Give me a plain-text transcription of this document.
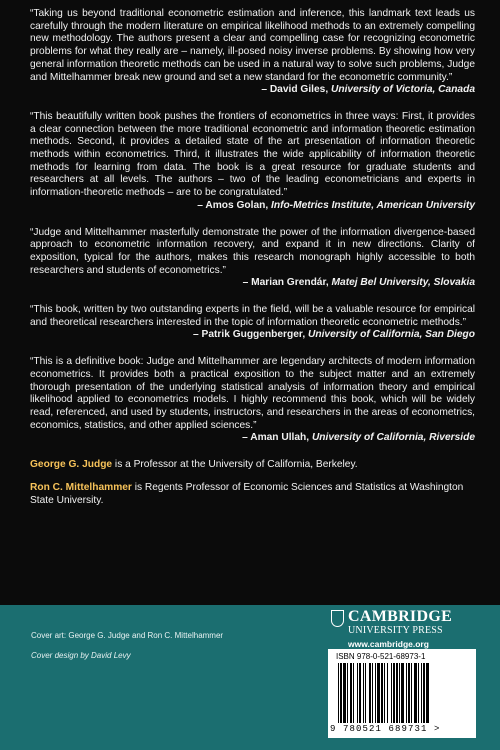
“Taking us beyond traditional econometric estimation and inference, this landmark text leads us carefully through the modern literature on empirical likelihood methods to an extremely compelling new methodology. The authors present a clear and compelling case for recognizing econometric problems for what they really are – namely, ill-posed noisy inverse problems. By showing how very general information theoretic methods can be used in a natural way to solve such problems, Judge and Mittelhammer break new ground and set a new standard for the econometric community.”

– David Giles, University of Victoria, Canada

“This beautifully written book pushes the frontiers of econometrics in three ways: First, it provides a clear connection between the more traditional econometric and information theoretic estimation methods. Second, it provides a detailed state of the art presentation of information theoretic methods within econometrics. Third, it illustrates the wide applicability of information theoretic methods for learning from data. The book is a great resource for graduate students and researchers at all levels. The authors – two of the leading econometricians and experts in information-theoretic methods – are to be congratulated.”

– Amos Golan, Info-Metrics Institute, American University

“Judge and Mittelhammer masterfully demonstrate the power of the information divergence-based approach to econometric information recovery, and expand it in new directions. Clarity of exposition, typical for the authors, makes this research monograph highly accessible to both researchers and students of econometrics.”

– Marian Grendár, Matej Bel University, Slovakia

“This book, written by two outstanding experts in the field, will be a valuable resource for empirical and theoretical researchers interested in the topic of information theoretic econometric methods.”

– Patrik Guggenberger, University of California, San Diego

“This is a definitive book: Judge and Mittelhammer are legendary architects of modern information econometrics. It provides both a practical exposition to the subject matter and an extremely thorough presentation of the underlying statistical analysis of information theory and empirical likelihood applied to econometrics models. I highly recommend this book, which will be widely read, referenced, and used by students, instructors, and researchers in the areas of econometrics, economics, statistics, and other applied sciences.”

– Aman Ullah, University of California, Riverside

George G. Judge is a Professor at the University of California, Berkeley.

Ron C. Mittelhammer is Regents Professor of Economic Sciences and Statistics at Washington State University.

Cover art: George G. Judge and Ron C. Mittelhammer
Cover design by David Levy
CAMBRIDGE
UNIVERSITY PRESS
www.cambridge.org
ISBN 978-0-521-68973-1
9 780521 689731 >
